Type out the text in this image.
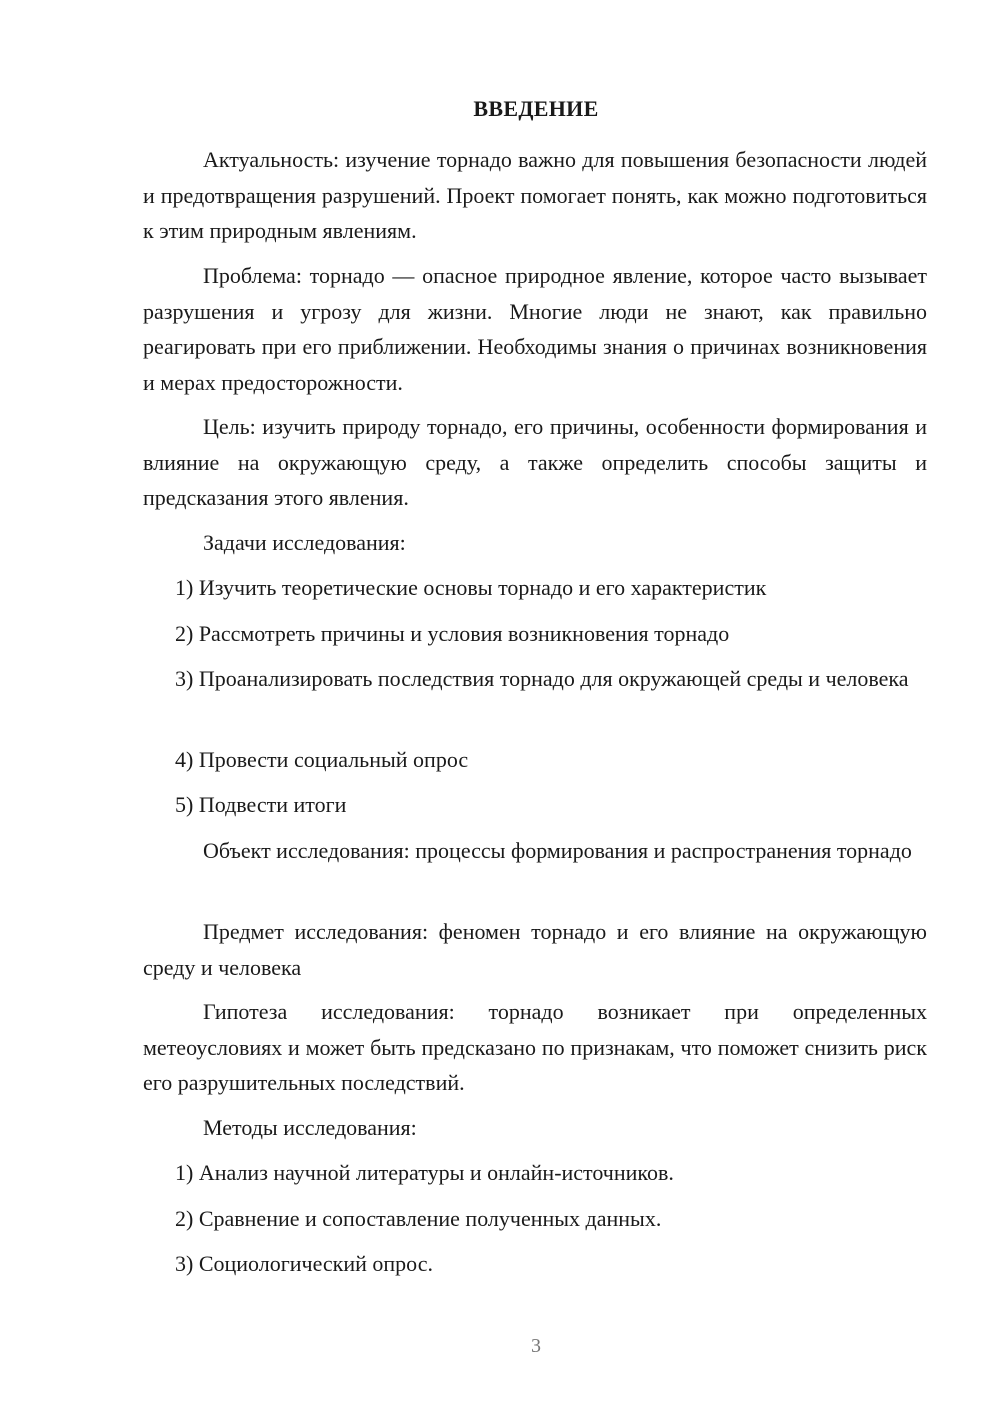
ВВЕДЕНИЕ

Актуальность: изучение торнадо важно для повышения безопасности людей и предотвращения разрушений. Проект помогает понять, как можно подготовиться к этим природным явлениям.

Проблема: торнадо — опасное природное явление, которое часто вызывает разрушения и угрозу для жизни. Многие люди не знают, как правильно реагировать при его приближении. Необходимы знания о причинах возникновения и мерах предосторожности.

Цель: изучить природу торнадо, его причины, особенности формирования и влияние на окружающую среду, а также определить способы защиты и предсказания этого явления.

Задачи исследования:

1) Изучить теоретические основы торнадо и его характеристик

2) Рассмотреть причины и условия возникновения торнадо

3) Проанализировать последствия торнадо для окружающей среды и человека

4) Провести социальный опрос

5) Подвести итоги

Объект исследования: процессы формирования и распространения торнадо

Предмет исследования: феномен торнадо и его влияние на окружающую среду и человека

Гипотеза исследования: торнадо возникает при определенных метеоусловиях и может быть предсказано по признакам, что поможет снизить риск его разрушительных последствий.

Методы исследования:

1) Анализ научной литературы и онлайн-источников.

2) Сравнение и сопоставление полученных данных.

3) Социологический опрос.

3
